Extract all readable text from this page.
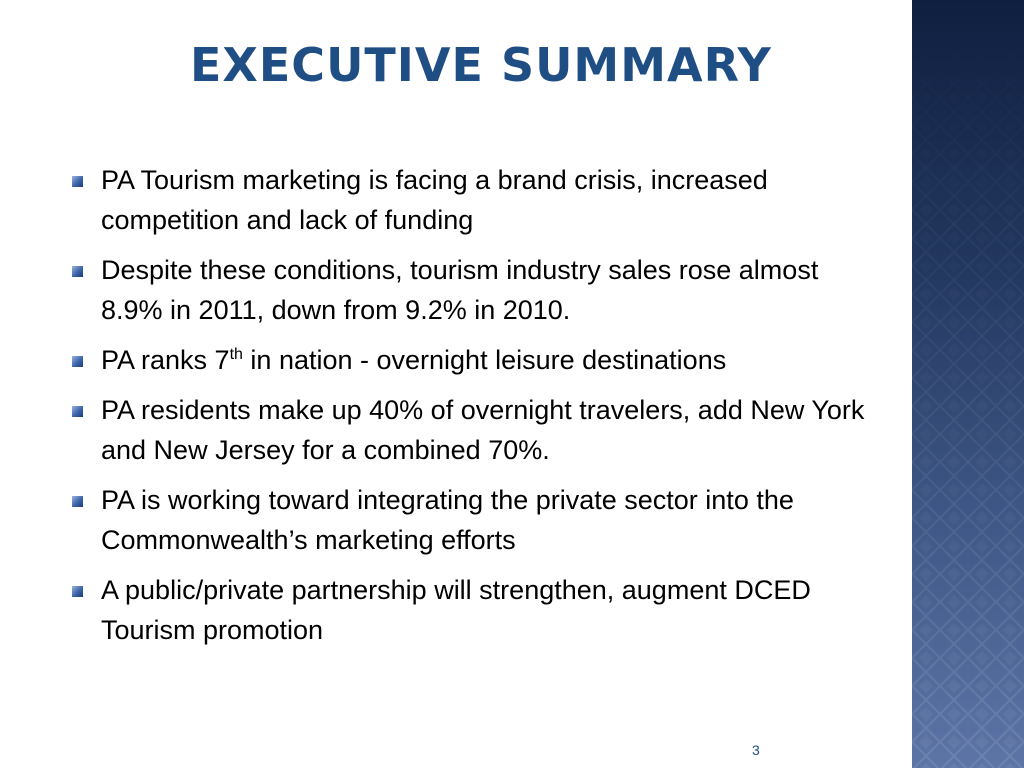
EXECUTIVE SUMMARY
PA Tourism marketing is facing a brand crisis, increased competition and lack of funding
Despite these conditions, tourism industry sales rose almost 8.9% in 2011, down from 9.2% in 2010.
PA ranks 7th in nation - overnight leisure destinations
PA residents make up 40% of overnight travelers, add New York and New Jersey for a combined 70%.
PA is working toward integrating the private sector into the Commonwealth’s marketing efforts
A public/private partnership will strengthen, augment DCED Tourism promotion
3
